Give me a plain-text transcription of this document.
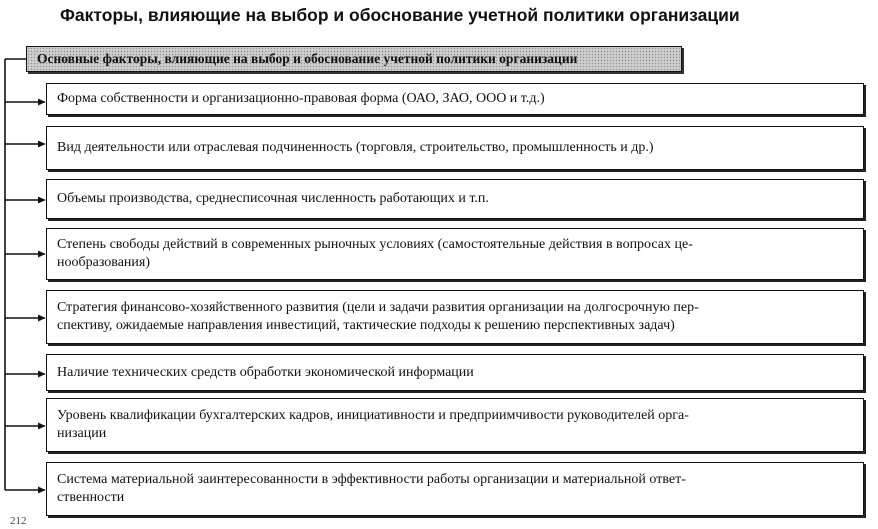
Факторы, влияющие на выбор и обоснование учетной политики организации
Основные факторы, влияющие на выбор и обоснование учетной политики организации
Форма собственности и организационно-правовая форма (ОАО, ЗАО, ООО и т.д.)
Вид деятельности или отраслевая подчиненность (торговля, строительство, промышленность и др.)
Объемы производства, среднесписочная численность работающих и т.п.
Степень свободы действий в современных рыночных условиях (самостоятельные действия в вопросах це-
нообразования)
Стратегия финансово-хозяйственного развития (цели и задачи развития организации на долгосрочную пер-
спективу, ожидаемые направления инвестиций, тактические подходы к решению перспективных задач)
Наличие технических средств обработки экономической информации
Уровень квалификации бухгалтерских кадров, инициативности и предприимчивости руководителей орга-
низации
Система материальной заинтересованности в эффективности работы организации и материальной ответ-
ственности
212
